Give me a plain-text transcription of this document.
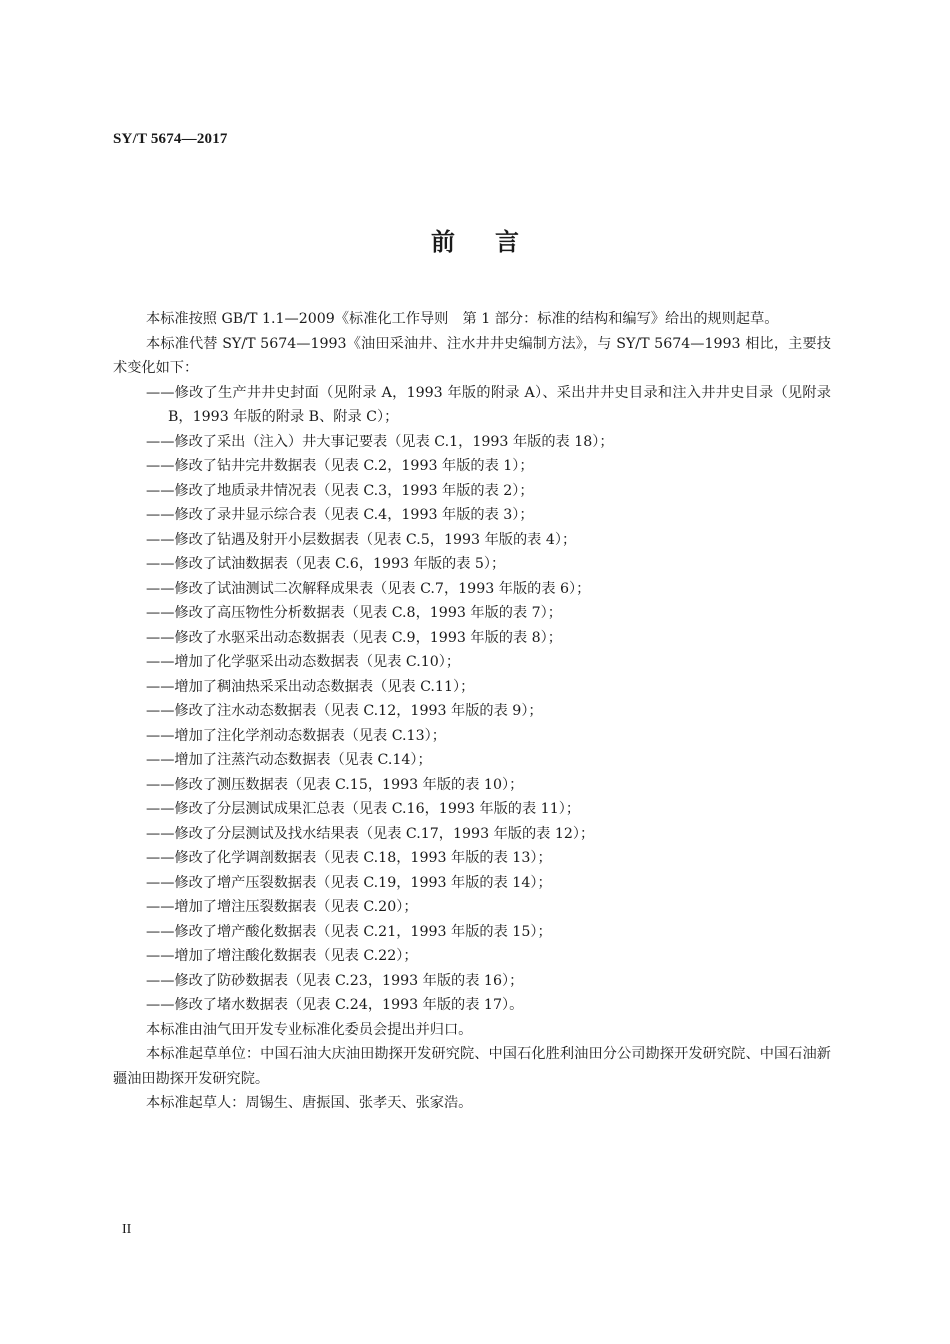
SY/T 5674—2017
前言

本标准按照 GB/T 1.1—2009《标准化工作导则　第 1 部分：标准的结构和编写》给出的规则起草。

本标准代替 SY/T 5674—1993《油田采油井、注水井井史编制方法》，与 SY/T 5674—1993 相比，主要技术变化如下：

——修改了生产井井史封面（见附录 A，1993 年版的附录 A）、采出井井史目录和注入井井史目录（见附录 B，1993 年版的附录 B、附录 C）；

——修改了采出（注入）井大事记要表（见表 C.1，1993 年版的表 18）；

——修改了钻井完井数据表（见表 C.2，1993 年版的表 1）；

——修改了地质录井情况表（见表 C.3，1993 年版的表 2）；

——修改了录井显示综合表（见表 C.4，1993 年版的表 3）；

——修改了钻遇及射开小层数据表（见表 C.5，1993 年版的表 4）；

——修改了试油数据表（见表 C.6，1993 年版的表 5）；

——修改了试油测试二次解释成果表（见表 C.7，1993 年版的表 6）；

——修改了高压物性分析数据表（见表 C.8，1993 年版的表 7）；

——修改了水驱采出动态数据表（见表 C.9，1993 年版的表 8）；

——增加了化学驱采出动态数据表（见表 C.10）；

——增加了稠油热采采出动态数据表（见表 C.11）；

——修改了注水动态数据表（见表 C.12，1993 年版的表 9）；

——增加了注化学剂动态数据表（见表 C.13）；

——增加了注蒸汽动态数据表（见表 C.14）；

——修改了测压数据表（见表 C.15，1993 年版的表 10）；

——修改了分层测试成果汇总表（见表 C.16，1993 年版的表 11）；

——修改了分层测试及找水结果表（见表 C.17，1993 年版的表 12）；

——修改了化学调剖数据表（见表 C.18，1993 年版的表 13）；

——修改了增产压裂数据表（见表 C.19，1993 年版的表 14）；

——增加了增注压裂数据表（见表 C.20）；

——修改了增产酸化数据表（见表 C.21，1993 年版的表 15）；

——增加了增注酸化数据表（见表 C.22）；

——修改了防砂数据表（见表 C.23，1993 年版的表 16）；

——修改了堵水数据表（见表 C.24，1993 年版的表 17）。

本标准由油气田开发专业标准化委员会提出并归口。

本标准起草单位：中国石油大庆油田勘探开发研究院、中国石化胜利油田分公司勘探开发研究院、中国石油新疆油田勘探开发研究院。

本标准起草人：周锡生、唐振国、张孝天、张家浩。

II
